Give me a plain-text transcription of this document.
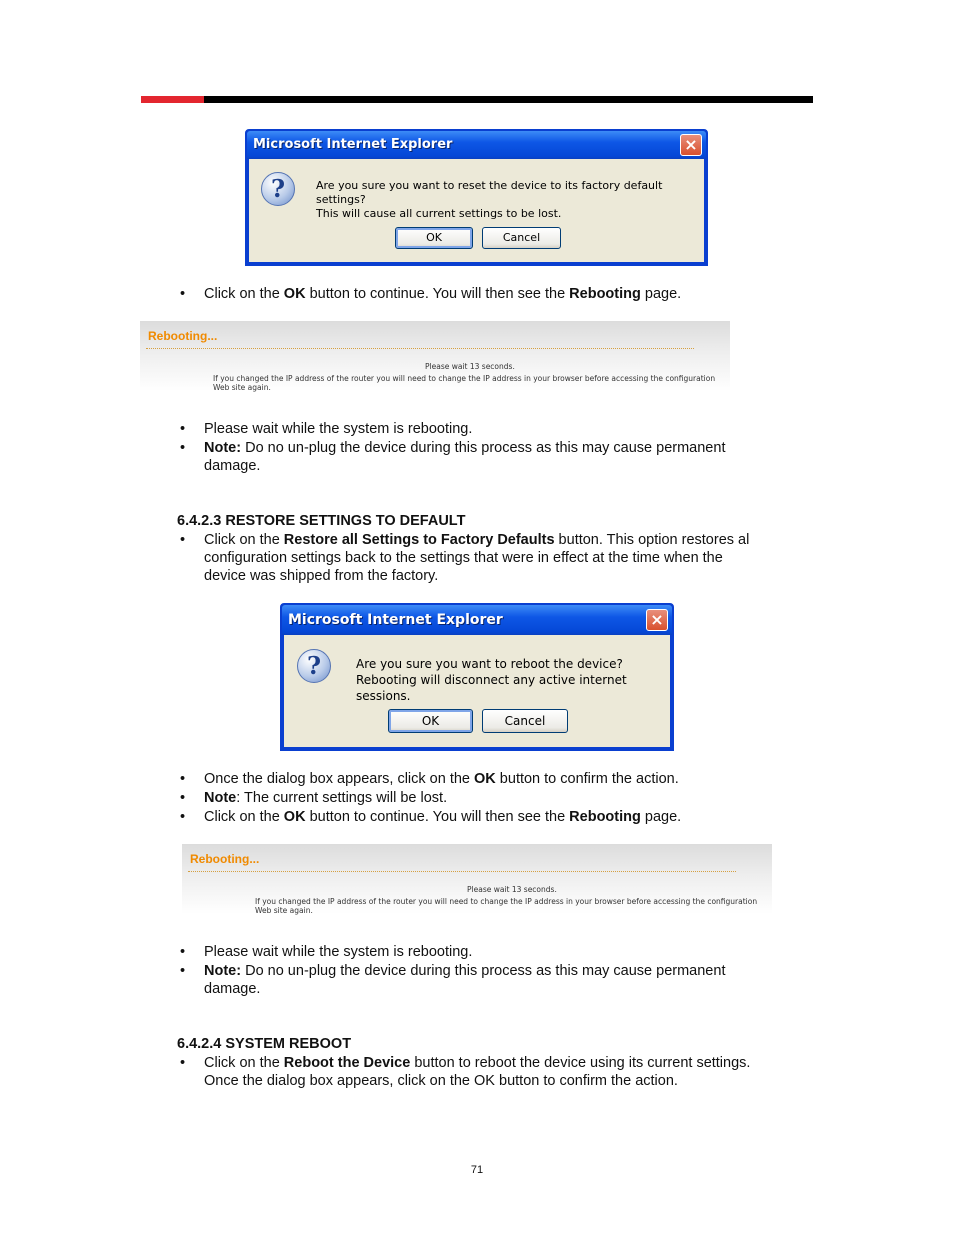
Microsoft Internet Explorer	×
?	Are you sure you want to reset the device to its factory default settings?
This will cause all current settings to be lost.
OK	Cancel
• Click on the OK button to continue. You will then see the Rebooting page.
Rebooting...
Please wait 13 seconds.
If you changed the IP address of the router you will need to change the IP address in your browser before accessing the configuration
Web site again.
• Please wait while the system is rebooting.
• Note: Do no un-plug the device during this process as this may cause permanent
damage.
6.4.2.3 RESTORE SETTINGS TO DEFAULT
• Click on the Restore all Settings to Factory Defaults button. This option restores al
configuration settings back to the settings that were in effect at the time when the
device was shipped from the factory.
Microsoft Internet Explorer	×
?	Are you sure you want to reboot the device?
Rebooting will disconnect any active internet sessions.
OK	Cancel
• Once the dialog box appears, click on the OK button to confirm the action.
• Note: The current settings will be lost.
• Click on the OK button to continue. You will then see the Rebooting page.
Rebooting...
Please wait 13 seconds.
If you changed the IP address of the router you will need to change the IP address in your browser before accessing the configuration
Web site again.
• Please wait while the system is rebooting.
• Note: Do no un-plug the device during this process as this may cause permanent
damage.
6.4.2.4 SYSTEM REBOOT
• Click on the Reboot the Device button to reboot the device using its current settings.
Once the dialog box appears, click on the OK button to confirm the action.
71
